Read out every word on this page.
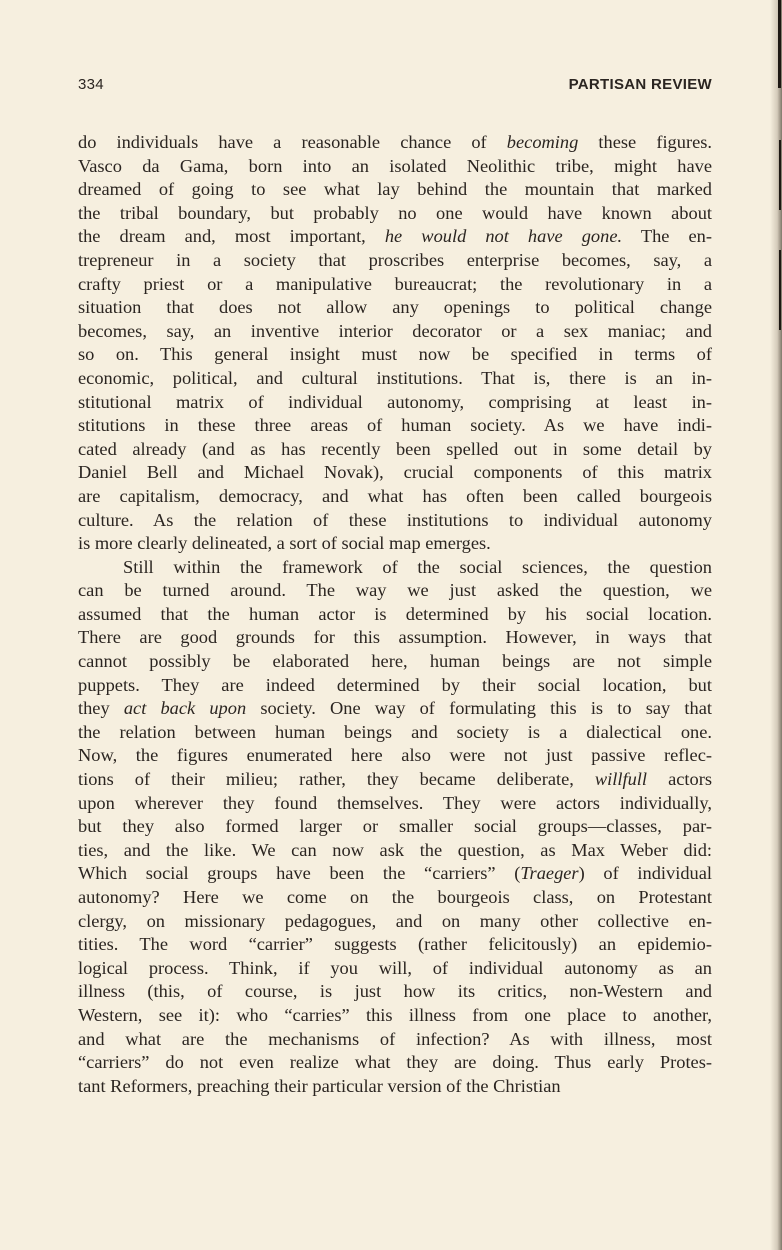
334	PARTISAN REVIEW
do individuals have a reasonable chance of becoming these figures.
Vasco da Gama, born into an isolated Neolithic tribe, might have
dreamed of going to see what lay behind the mountain that marked
the tribal boundary, but probably no one would have known about
the dream and, most important, he would not have gone. The en-
trepreneur in a society that proscribes enterprise becomes, say, a
crafty priest or a manipulative bureaucrat; the revolutionary in a
situation that does not allow any openings to political change
becomes, say, an inventive interior decorator or a sex maniac; and
so on. This general insight must now be specified in terms of
economic, political, and cultural institutions. That is, there is an in-
stitutional matrix of individual autonomy, comprising at least in-
stitutions in these three areas of human society. As we have indi-
cated already (and as has recently been spelled out in some detail by
Daniel Bell and Michael Novak), crucial components of this matrix
are capitalism, democracy, and what has often been called bourgeois
culture. As the relation of these institutions to individual autonomy
is more clearly delineated, a sort of social map emerges.
Still within the framework of the social sciences, the question
can be turned around. The way we just asked the question, we
assumed that the human actor is determined by his social location.
There are good grounds for this assumption. However, in ways that
cannot possibly be elaborated here, human beings are not simple
puppets. They are indeed determined by their social location, but
they act back upon society. One way of formulating this is to say that
the relation between human beings and society is a dialectical one.
Now, the figures enumerated here also were not just passive reflec-
tions of their milieu; rather, they became deliberate, willfull actors
upon wherever they found themselves. They were actors individually,
but they also formed larger or smaller social groups—classes, par-
ties, and the like. We can now ask the question, as Max Weber did:
Which social groups have been the “carriers” (Traeger) of individual
autonomy? Here we come on the bourgeois class, on Protestant
clergy, on missionary pedagogues, and on many other collective en-
tities. The word “carrier” suggests (rather felicitously) an epidemio-
logical process. Think, if you will, of individual autonomy as an
illness (this, of course, is just how its critics, non-Western and
Western, see it): who “carries” this illness from one place to another,
and what are the mechanisms of infection? As with illness, most
“carriers” do not even realize what they are doing. Thus early Protes-
tant Reformers, preaching their particular version of the Christian
